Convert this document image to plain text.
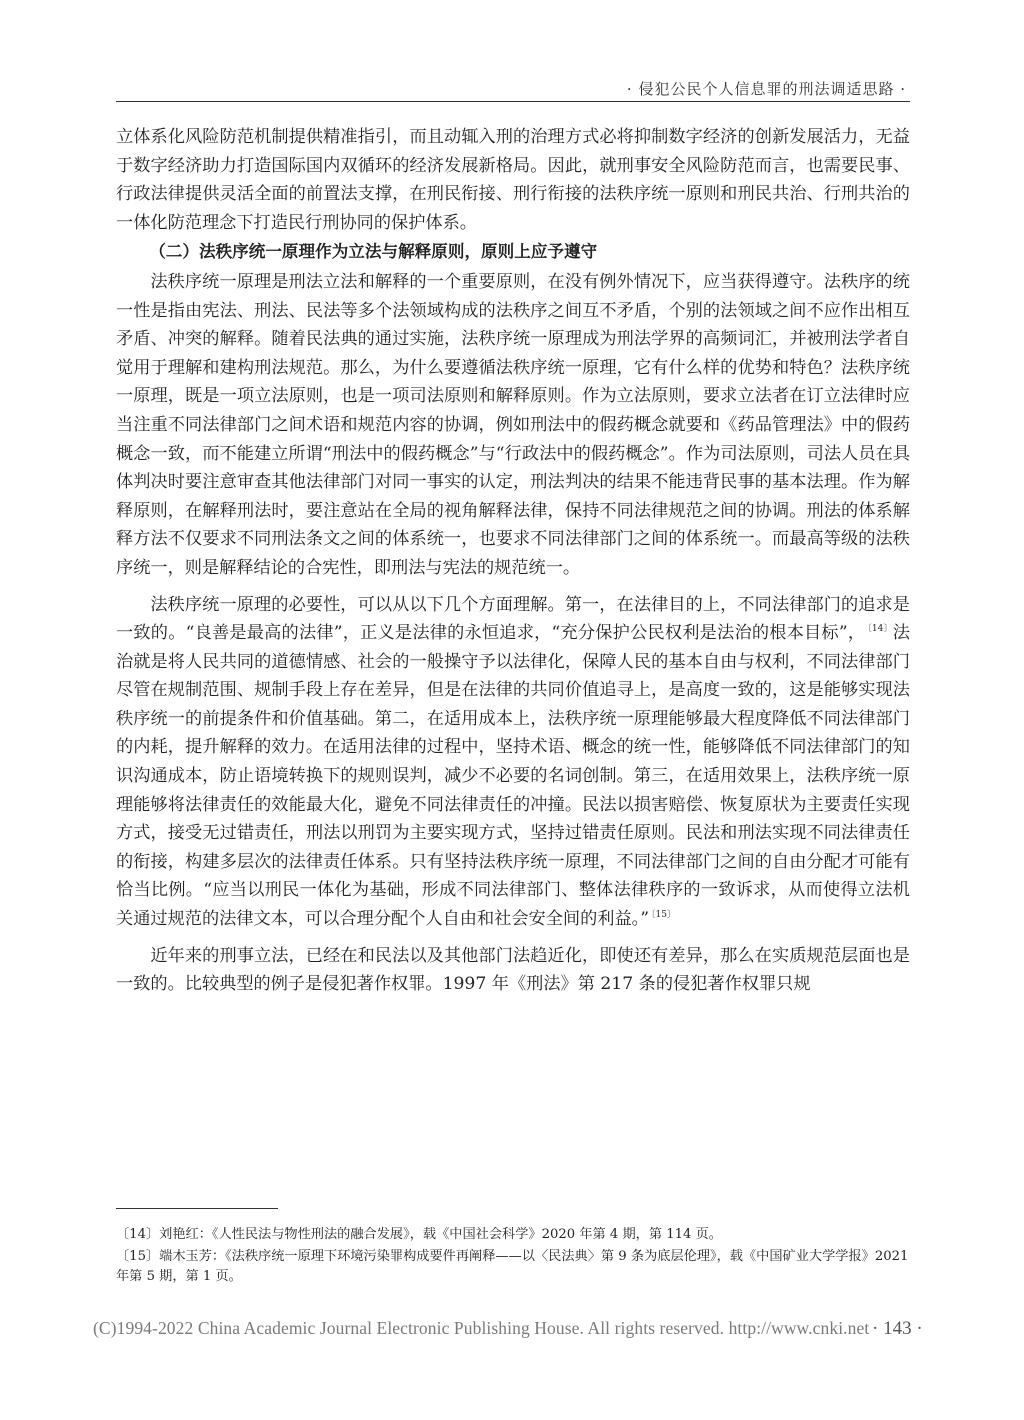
· 侵犯公民个人信息罪的刑法调适思路 ·

立体系化风险防范机制提供精准指引，而且动辄入刑的治理方式必将抑制数字经济的创新发展活力，无益于数字经济助力打造国际国内双循环的经济发展新格局。因此，就刑事安全风险防范而言，也需要民事、行政法律提供灵活全面的前置法支撑，在刑民衔接、刑行衔接的法秩序统一原则和刑民共治、行刑共治的一体化防范理念下打造民行刑协同的保护体系。

（二）法秩序统一原理作为立法与解释原则，原则上应予遵守

法秩序统一原理是刑法立法和解释的一个重要原则，在没有例外情况下，应当获得遵守。法秩序的统一性是指由宪法、刑法、民法等多个法领域构成的法秩序之间互不矛盾，个别的法领域之间不应作出相互矛盾、冲突的解释。随着民法典的通过实施，法秩序统一原理成为刑法学界的高频词汇，并被刑法学者自觉用于理解和建构刑法规范。那么，为什么要遵循法秩序统一原理，它有什么样的优势和特色？法秩序统一原理，既是一项立法原则，也是一项司法原则和解释原则。作为立法原则，要求立法者在订立法律时应当注重不同法律部门之间术语和规范内容的协调，例如刑法中的假药概念就要和《药品管理法》中的假药概念一致，而不能建立所谓“刑法中的假药概念”与“行政法中的假药概念”。作为司法原则，司法人员在具体判决时要注意审查其他法律部门对同一事实的认定，刑法判决的结果不能违背民事的基本法理。作为解释原则，在解释刑法时，要注意站在全局的视角解释法律，保持不同法律规范之间的协调。刑法的体系解释方法不仅要求不同刑法条文之间的体系统一，也要求不同法律部门之间的体系统一。而最高等级的法秩序统一，则是解释结论的合宪性，即刑法与宪法的规范统一。

法秩序统一原理的必要性，可以从以下几个方面理解。第一，在法律目的上，不同法律部门的追求是一致的。“良善是最高的法律”，正义是法律的永恒追求，“充分保护公民权利是法治的根本目标”， $^{〔14〕}$法治就是将人民共同的道德情感、社会的一般操守予以法律化，保障人民的基本自由与权利，不同法律部门尽管在规制范围、规制手段上存在差异，但是在法律的共同价值追寻上，是高度一致的，这是能够实现法秩序统一的前提条件和价值基础。第二，在适用成本上，法秩序统一原理能够最大程度降低不同法律部门的内耗，提升解释的效力。在适用法律的过程中，坚持术语、概念的统一性，能够降低不同法律部门的知识沟通成本，防止语境转换下的规则误判，减少不必要的名词创制。第三，在适用效果上，法秩序统一原理能够将法律责任的效能最大化，避免不同法律责任的冲撞。民法以损害赔偿、恢复原状为主要责任实现方式，接受无过错责任，刑法以刑罚为主要实现方式，坚持过错责任原则。民法和刑法实现不同法律责任的衔接，构建多层次的法律责任体系。只有坚持法秩序统一原理，不同法律部门之间的自由分配才可能有恰当比例。“应当以刑民一体化为基础，形成不同法律部门、整体法律秩序的一致诉求，从而使得立法机关通过规范的法律文本，可以合理分配个人自由和社会安全间的利益。” $^{〔15〕}$

近年来的刑事立法，已经在和民法以及其他部门法趋近化，即使还有差异，那么在实质规范层面也是一致的。比较典型的例子是侵犯著作权罪。1997 年《刑法》第 217 条的侵犯著作权罪只规

〔14〕刘艳红：《人性民法与物性刑法的融合发展》，载《中国社会科学》2020 年第 4 期，第 114 页。
〔15〕端木玉芳：《法秩序统一原理下环境污染罪构成要件再阐释——以〈民法典〉第 9 条为底层伦理》，载《中国矿业大学学报》2021 年第 5 期，第 1 页。
(C)1994-2022 China Academic Journal Electronic Publishing House. All rights reserved. http://www.cnki.net · 143 ·
